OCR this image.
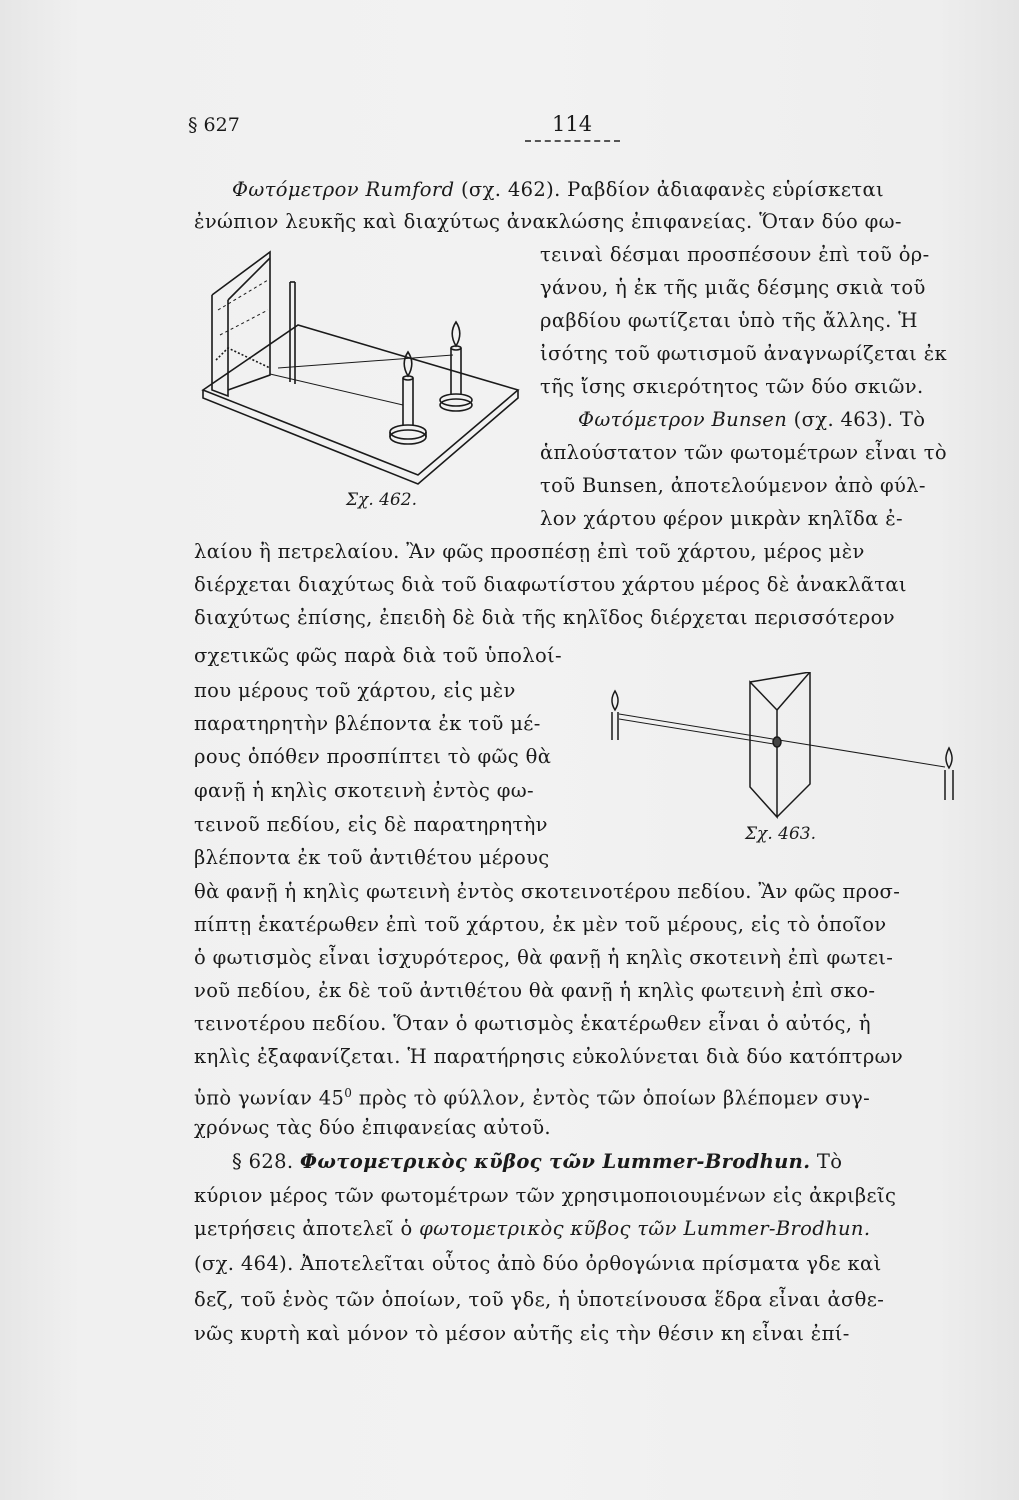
§ 627	114
Σχ. 462.
Σχ. 463.
Φωτόμετρον Rumford (σχ. 462). Ραβδίον ἀδιαφανὲς εὑρίσκεται
ἐνώπιον λευκῆς καὶ διαχύτως ἀνακλώσης ἐπιφανείας. Ὅταν δύο φω-
τειναὶ δέσμαι προσπέσουν ἐπὶ τοῦ ὀρ-
γάνου, ἡ ἐκ τῆς μιᾶς δέσμης σκιὰ τοῦ
ραβδίου φωτίζεται ὑπὸ τῆς ἄλλης. Ἡ
ἰσότης τοῦ φωτισμοῦ ἀναγνωρίζεται ἐκ
τῆς ἴσης σκιερότητος τῶν δύο σκιῶν.
Φωτόμετρον Bunsen (σχ. 463). Τὸ
ἁπλούστατον τῶν φωτομέτρων εἶναι τὸ
τοῦ Bunsen, ἀποτελούμενον ἀπὸ φύλ-
λον χάρτου φέρον μικρὰν κηλῖδα ἐ-
λαίου ἢ πετρελαίου. Ἂν φῶς προσπέσῃ ἐπὶ τοῦ χάρτου, μέρος μὲν
διέρχεται διαχύτως διὰ τοῦ διαφωτίστου χάρτου μέρος δὲ ἀνακλᾶται
διαχύτως ἐπίσης, ἐπειδὴ δὲ διὰ τῆς κηλῖδος διέρχεται περισσότερον
σχετικῶς φῶς παρὰ διὰ τοῦ ὑπολοί-
που μέρους τοῦ χάρτου, εἰς μὲν
παρατηρητὴν βλέποντα ἐκ τοῦ μέ-
ρους ὁπόθεν προσπίπτει τὸ φῶς θὰ
φανῇ ἡ κηλὶς σκοτεινὴ ἐντὸς φω-
τεινοῦ πεδίου, εἰς δὲ παρατηρητὴν
βλέποντα ἐκ τοῦ ἀντιθέτου μέρους
θὰ φανῇ ἡ κηλὶς φωτεινὴ ἐντὸς σκοτεινοτέρου πεδίου. Ἂν φῶς προσ-
πίπτῃ ἑκατέρωθεν ἐπὶ τοῦ χάρτου, ἐκ μὲν τοῦ μέρους, εἰς τὸ ὁποῖον
ὁ φωτισμὸς εἶναι ἰσχυρότερος, θὰ φανῇ ἡ κηλὶς σκοτεινὴ ἐπὶ φωτει-
νοῦ πεδίου, ἐκ δὲ τοῦ ἀντιθέτου θὰ φανῇ ἡ κηλὶς φωτεινὴ ἐπὶ σκο-
τεινοτέρου πεδίου. Ὅταν ὁ φωτισμὸς ἑκατέρωθεν εἶναι ὁ αὐτός, ἡ
κηλὶς ἐξαφανίζεται. Ἡ παρατήρησις εὐκολύνεται διὰ δύο κατόπτρων
ὑπὸ γωνίαν $45^0$ πρὸς τὸ φύλλον, ἐντὸς τῶν ὁποίων βλέπομεν συγ-
χρόνως τὰς δύο ἐπιφανείας αὐτοῦ.
§ 628. Φωτομετρικὸς κῦβος τῶν Lummer-Brodhun. Τὸ
κύριον μέρος τῶν φωτομέτρων τῶν χρησιμοποιουμένων εἰς ἀκριβεῖς
μετρήσεις ἀποτελεῖ ὁ φωτομετρικὸς κῦβος τῶν Lummer-Brodhun.
(σχ. 464). Ἀποτελεῖται οὗτος ἀπὸ δύο ὀρθογώνια πρίσματα γδε καὶ
δεζ, τοῦ ἑνὸς τῶν ὁποίων, τοῦ γδε, ἡ ὑποτείνουσα ἕδρα εἶναι ἀσθε-
νῶς κυρτὴ καὶ μόνον τὸ μέσον αὐτῆς εἰς τὴν θέσιν κη εἶναι ἐπί-
